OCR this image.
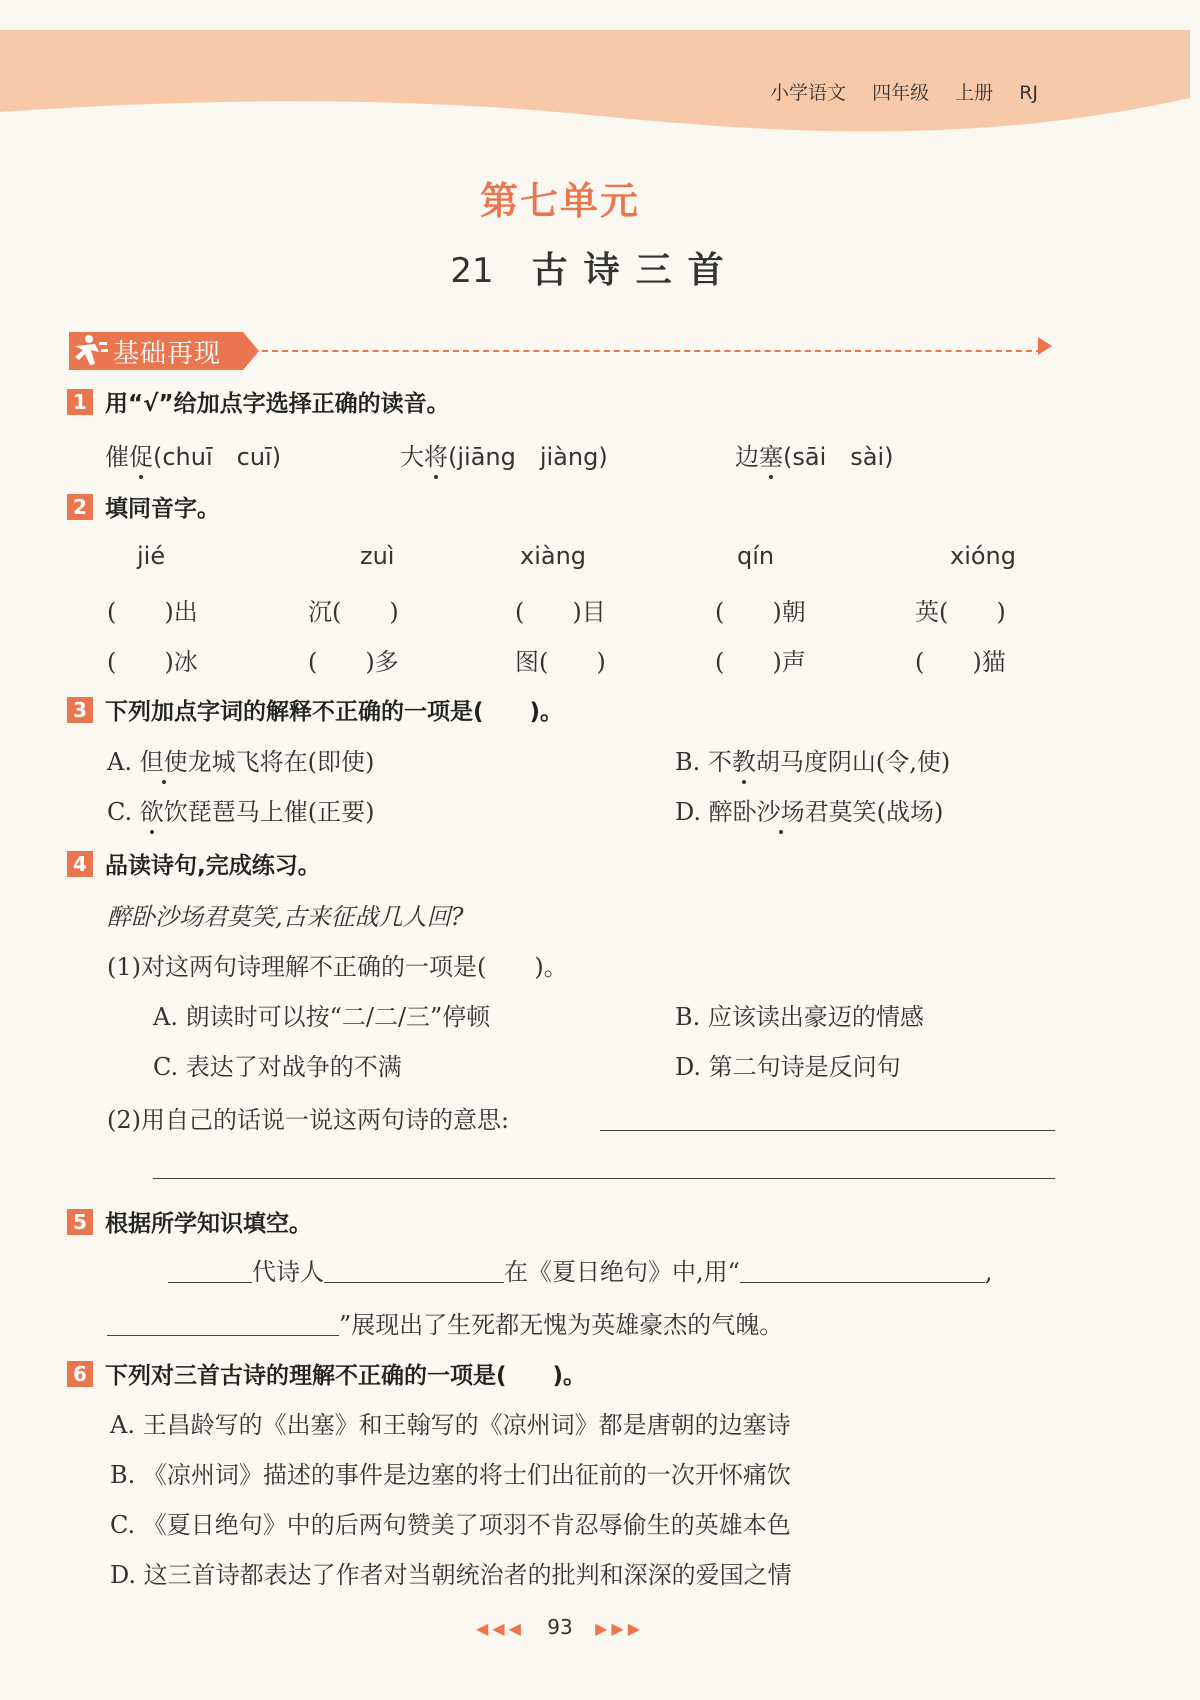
小学语文 四年级 上册 RJ
第七单元
21 古诗三首
基础再现
1 用“√”给加点字选择正确的读音。
催促(chuī　cuī)	大将(jiāng　jiàng)	边塞(sāi　sài)
2 填同音字。
jié	zuì	xiàng	qín	xióng
(　　)出	沉(　　)	(　　)目	(　　)朝	英(　　)
(　　)冰	(　　)多	图(　　)	(　　)声	(　　)猫
3 下列加点字词的解释不正确的一项是(　　)。
A. 但使龙城飞将在(即使)	B. 不教胡马度阴山(令,使)
C. 欲饮琵琶马上催(正要)	D. 醉卧沙场君莫笑(战场)
4 品读诗句,完成练习。
醉卧沙场君莫笑,古来征战几人回?
(1)对这两句诗理解不正确的一项是(　　)。
A. 朗读时可以按“二/二/三”停顿	B. 应该读出豪迈的情感
C. 表达了对战争的不满	D. 第二句诗是反问句
(2)用自己的话说一说这两句诗的意思:
5 根据所学知识填空。
代诗人	在《夏日绝句》中,用“	,
”展现出了生死都无愧为英雄豪杰的气魄。
6 下列对三首古诗的理解不正确的一项是(　　)。
A. 王昌龄写的《出塞》和王翰写的《凉州词》都是唐朝的边塞诗
B. 《凉州词》描述的事件是边塞的将士们出征前的一次开怀痛饮
C. 《夏日绝句》中的后两句赞美了项羽不肯忍辱偷生的英雄本色
D. 这三首诗都表达了作者对当朝统治者的批判和深深的爱国之情
◀◀◀ 93 ▶▶▶
